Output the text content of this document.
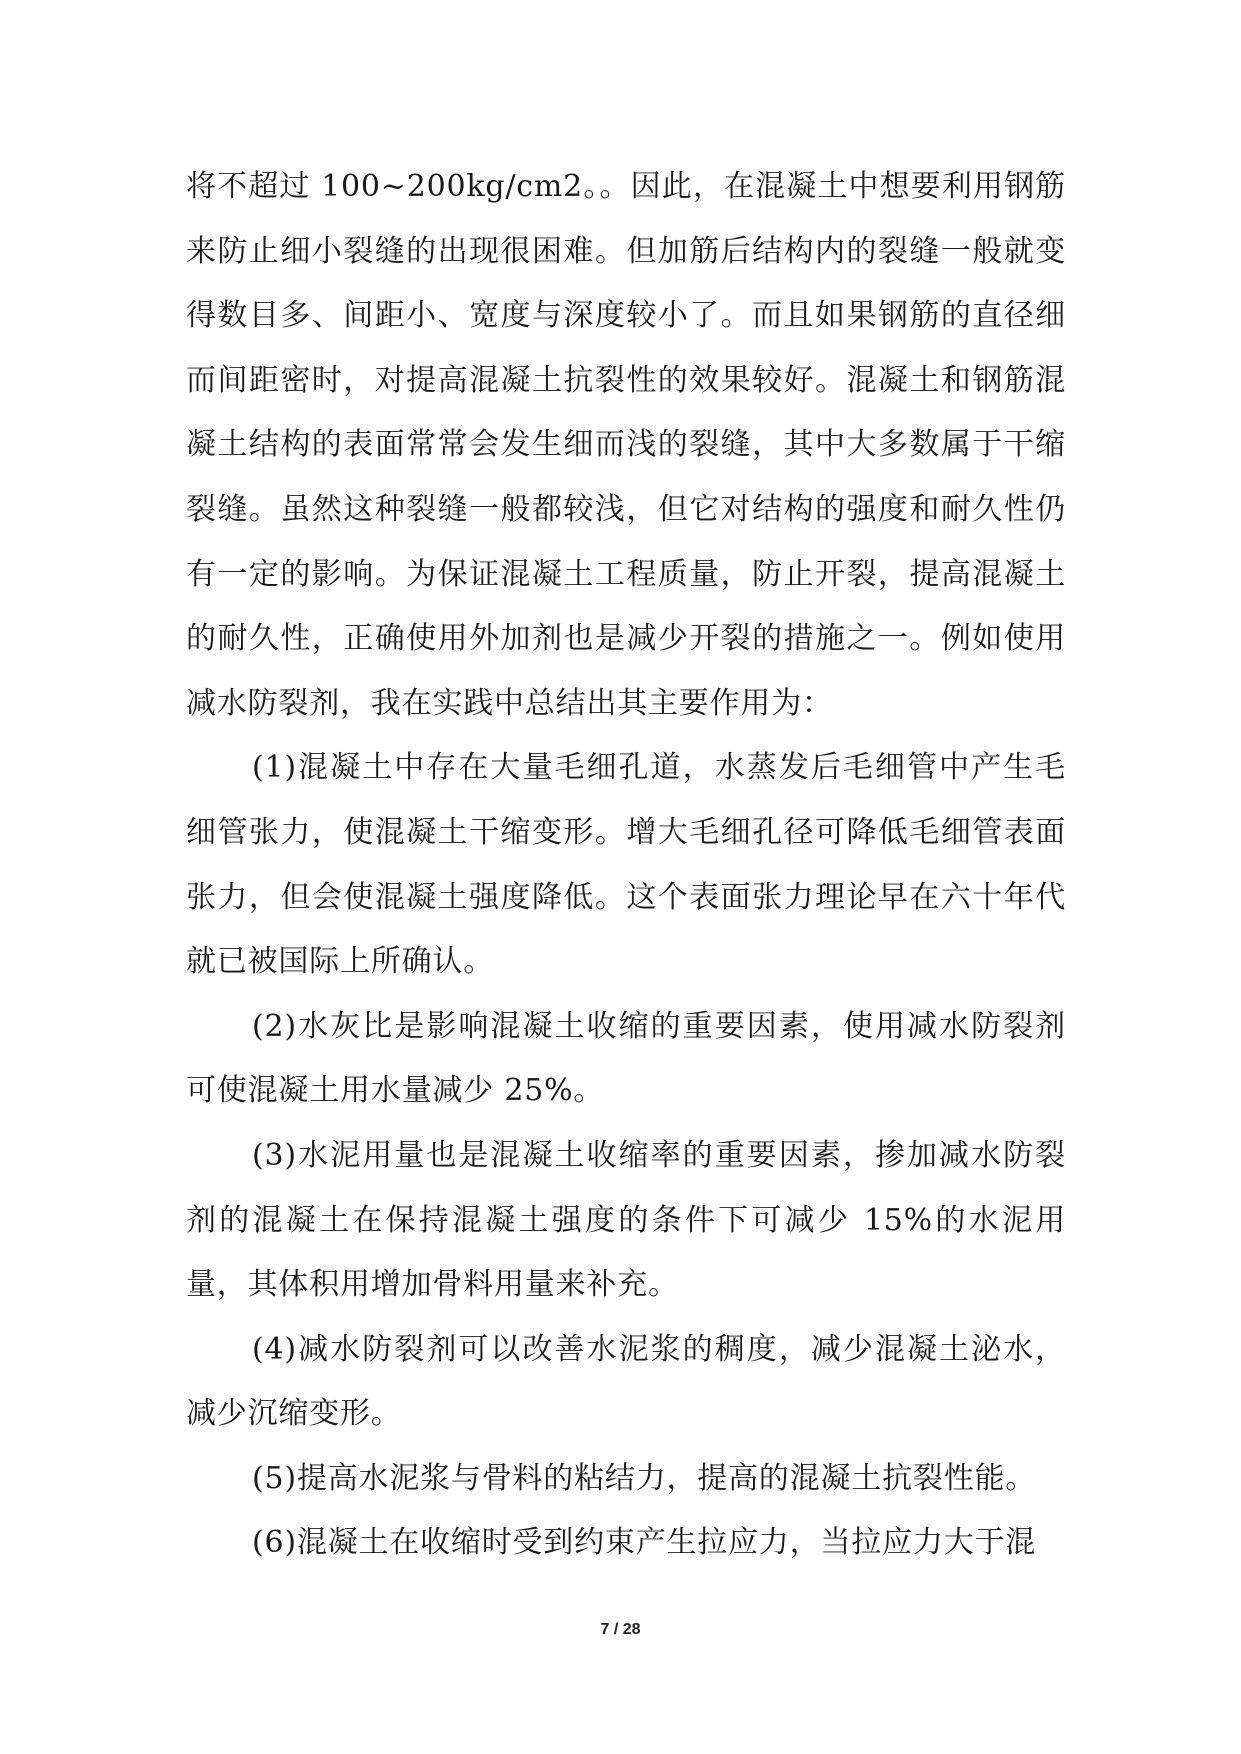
将不超过 100~200kg/cm2。。因此，在混凝土中想要利用钢筋来防止细小裂缝的出现很困难。但加筋后结构内的裂缝一般就变得数目多、间距小、宽度与深度较小了。而且如果钢筋的直径细而间距密时，对提高混凝土抗裂性的效果较好。混凝土和钢筋混凝土结构的表面常常会发生细而浅的裂缝，其中大多数属于干缩裂缝。虽然这种裂缝一般都较浅，但它对结构的强度和耐久性仍有一定的影响。为保证混凝土工程质量，防止开裂，提高混凝土的耐久性，正确使用外加剂也是减少开裂的措施之一。例如使用减水防裂剂，我在实践中总结出其主要作用为：

(1)混凝土中存在大量毛细孔道，水蒸发后毛细管中产生毛细管张力，使混凝土干缩变形。增大毛细孔径可降低毛细管表面张力，但会使混凝土强度降低。这个表面张力理论早在六十年代就已被国际上所确认。

(2)水灰比是影响混凝土收缩的重要因素，使用减水防裂剂可使混凝土用水量减少 25%。

(3)水泥用量也是混凝土收缩率的重要因素，掺加减水防裂剂的混凝土在保持混凝土强度的条件下可减少 15%的水泥用量，其体积用增加骨料用量来补充。

(4)减水防裂剂可以改善水泥浆的稠度，减少混凝土泌水，减少沉缩变形。

(5)提高水泥浆与骨料的粘结力，提高的混凝土抗裂性能。

(6)混凝土在收缩时受到约束产生拉应力，当拉应力大于混

7 / 28
